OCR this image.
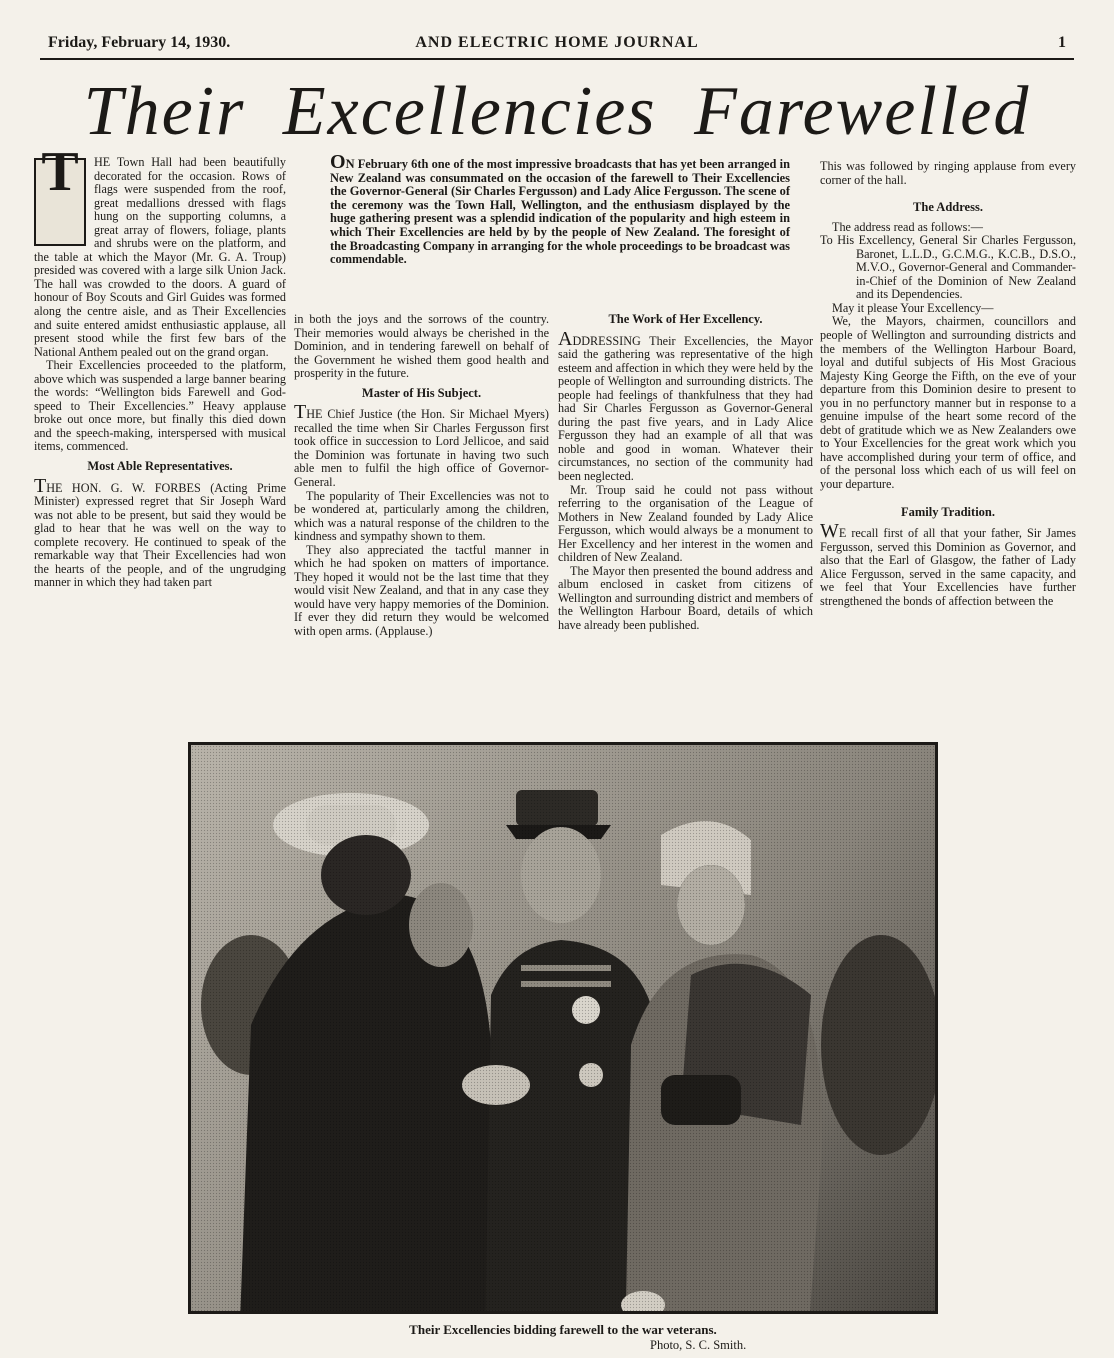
Friday, February 14, 1930.	AND ELECTRIC HOME JOURNAL	1
Their Excellencies Farewelled
T	HE Town Hall had been beautifully decorated for the occasion. Rows of flags were suspended from the roof, great medallions dressed with flags hung on the supporting columns, a great array of flowers, foliage, plants and shrubs were on the platform, and the table at which the Mayor (Mr. G. A. Troup) presided was covered with a large silk Union Jack. The hall was crowded to the doors. A guard of honour of Boy Scouts and Girl Guides was formed along the centre aisle, and as Their Excellencies and suite entered amidst enthusiastic applause, all present stood while the first few bars of the National Anthem pealed out on the grand organ.

Their Excellencies proceeded to the platform, above which was suspended a large banner bearing the words: “Wellington bids Farewell and God-speed to Their Excellencies.” Heavy applause broke out once more, but finally this died down and the speech-making, interspersed with musical items, commenced.

Most Able Representatives.

THE HON. G. W. FORBES (Acting Prime Minister) expressed regret that Sir Joseph Ward was not able to be present, but said they would be glad to hear that he was well on the way to complete recovery. He continued to speak of the remarkable way that Their Excellencies had won the hearts of the people, and of the ungrudging manner in which they had taken part

ON February 6th one of the most impressive broadcasts that has yet been arranged in New Zealand was consummated on the occasion of the farewell to Their Excellencies the Governor-General (Sir Charles Fergusson) and Lady Alice Fergusson. The scene of the ceremony was the Town Hall, Wellington, and the enthusiasm displayed by the huge gathering present was a splendid indication of the popularity and high esteem in which Their Excellencies are held by by the people of New Zealand. The foresight of the Broadcasting Company in arranging for the whole proceedings to be broadcast was commendable.

in both the joys and the sorrows of the country. Their memories would always be cherished in the Dominion, and in tendering farewell on behalf of the Government he wished them good health and prosperity in the future.

Master of His Subject.

THE Chief Justice (the Hon. Sir Michael Myers) recalled the time when Sir Charles Fergusson first took office in succession to Lord Jellicoe, and said the Dominion was fortunate in having two such able men to fulfil the high office of Governor-General.

The popularity of Their Excellencies was not to be wondered at, particularly among the children, which was a natural response of the children to the kindness and sympathy shown to them.

They also appreciated the tactful manner in which he had spoken on matters of importance. They hoped it would not be the last time that they would visit New Zealand, and that in any case they would have very happy memories of the Dominion. If ever they did return they would be welcomed with open arms. (Applause.)

The Work of Her Excellency.

ADDRESSING Their Excellencies, the Mayor said the gathering was representative of the high esteem and affection in which they were held by the people of Wellington and surrounding districts. The people had feelings of thankfulness that they had had Sir Charles Fergusson as Governor-General during the past five years, and in Lady Alice Fergusson they had an example of all that was noble and good in woman. Whatever their circumstances, no section of the community had been neglected.

Mr. Troup said he could not pass without referring to the organisation of the League of Mothers in New Zealand founded by Lady Alice Fergusson, which would always be a monument to Her Excellency and her interest in the women and children of New Zealand.

The Mayor then presented the bound address and album enclosed in casket from citizens of Wellington and surrounding district and members of the Wellington Harbour Board, details of which have already been published.

This was followed by ringing applause from every corner of the hall.

The Address.

The address read as follows:—

To His Excellency, General Sir Charles Fergusson, Baronet, L.L.D., G.C.M.G., K.C.B., D.S.O., M.V.O., Governor-General and Commander-in-Chief of the Dominion of New Zealand and its Dependencies.

May it please Your Excellency—

We, the Mayors, chairmen, councillors and people of Wellington and surrounding districts and the members of the Wellington Harbour Board, loyal and dutiful subjects of His Most Gracious Majesty King George the Fifth, on the eve of your departure from this Dominion desire to present to you in no perfunctory manner but in response to a genuine impulse of the heart some record of the debt of gratitude which we as New Zealanders owe to Your Excellencies for the great work which you have accomplished during your term of office, and of the personal loss which each of us will feel on your departure.

Family Tradition.

WE recall first of all that your father, Sir James Fergusson, served this Dominion as Governor, and also that the Earl of Glasgow, the father of Lady Alice Fergusson, served in the same capacity, and we feel that Your Excellencies have further strengthened the bonds of affection between the

Their Excellencies bidding farewell to the war veterans.
Photo, S. C. Smith.
